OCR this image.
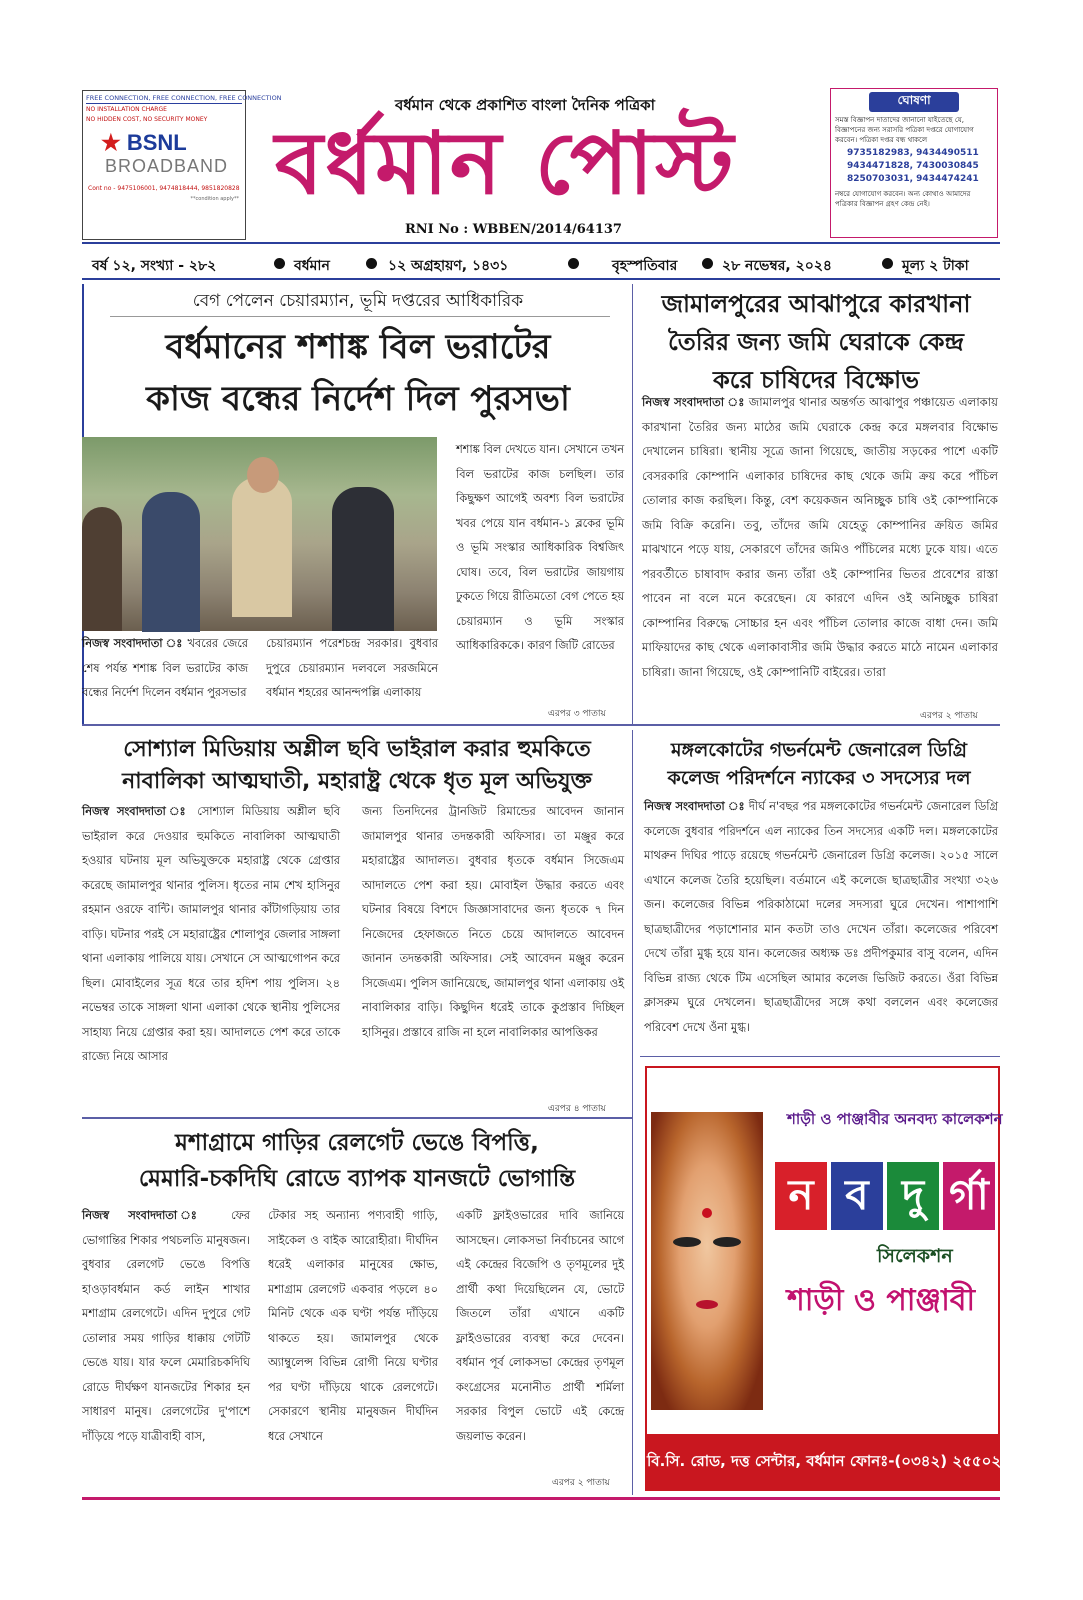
FREE CONNECTION, FREE CONNECTION, FREE CONNECTION
NO INSTALLATION CHARGE
NO HIDDEN COST, NO SECURITY MONEY
★ BSNL
BROADBAND
Cont no - 9475106001, 9474818444, 9851820828
**condition apply**
বর্ধমান থেকে প্রকাশিত বাংলা দৈনিক পত্রিকা
বর্ধমান পোস্ট
RNI No : WBBEN/2014/64137
ঘোষণা
সমস্ত বিজ্ঞাপন দাতাদের জানানো যাইতেছে যে, বিজ্ঞাপনের জন্য সরাসরি পত্রিকা দপ্তরে যোগাযোগ করবেন। পত্রিকা দপ্তর বন্ধ থাকলে
9735182983, 9434490511
9434471828, 7430030845
8250703031, 9434474241
নম্বরে যোগাযোগ করবেন। অন্য কোথাও আমাদের পত্রিকার বিজ্ঞাপন গ্রহণ কেন্দ্র নেই।
বর্ষ ১২, সংখ্যা - ২৮২	বর্ধমান	১২ অগ্রহায়ণ, ১৪৩১	বৃহস্পতিবার	২৮ নভেম্বর, ২০২৪	মূল্য ২ টাকা
বেগ পেলেন চেয়ারম্যান, ভূমি দপ্তরের আধিকারিক
বর্ধমানের শশাঙ্ক বিল ভরাটের
কাজ বন্ধের নির্দেশ দিল পুরসভা
শশাঙ্ক বিল দেখতে যান। সেখানে তখন বিল ভরাটের কাজ চলছিল। তার কিছুক্ষণ আগেই অবশ্য বিল ভরাটের খবর পেয়ে যান বর্ধমান-১ ব্লকের ভূমি ও ভূমি সংস্কার আধিকারিক বিশ্বজিৎ ঘোষ। তবে, বিল ভরাটের জায়গায় ঢুকতে গিয়ে রীতিমতো বেগ পেতে হয় চেয়ারম্যান ও ভূমি সংস্কার আধিকারিককে। কারণ জিটি রোডের
নিজস্ব সংবাদদাতা ঃ খবরের জেরে শেষ পর্যন্ত শশাঙ্ক বিল ভরাটের কাজ বন্ধের নির্দেশ দিলেন বর্ধমান পুরসভার
চেয়ারম্যান পরেশচন্দ্র সরকার। বুধবার দুপুরে চেয়ারম্যান দলবলে সরজমিনে বর্ধমান শহরের আনন্দপল্লি এলাকায়
এরপর ৩ পাতায়
জামালপুরের আঝাপুরে কারখানা
তৈরির জন্য জমি ঘেরাকে কেন্দ্র
করে চাষিদের বিক্ষোভ
নিজস্ব সংবাদদাতা ঃ জামালপুর থানার অন্তর্গত আঝাপুর পঞ্চায়েত এলাকায় কারখানা তৈরির জন্য মাঠের জমি ঘেরাকে কেন্দ্র করে মঙ্গলবার বিক্ষোভ দেখালেন চাষিরা। স্থানীয় সূত্রে জানা গিয়েছে, জাতীয় সড়কের পাশে একটি বেসরকারি কোম্পানি এলাকার চাষিদের কাছ থেকে জমি ক্রয় করে পাঁচিল তোলার কাজ করছিল। কিন্তু, বেশ কয়েকজন অনিচ্ছুক চাষি ওই কোম্পানিকে জমি বিক্রি করেনি। তবু, তাঁদের জমি যেহেতু কোম্পানির ক্রয়িত জমির মাঝখানে পড়ে যায়, সেকারণে তাঁদের জমিও পাঁচিলের মধ্যে ঢুকে যায়। এতে পরবর্তীতে চাষাবাদ করার জন্য তাঁরা ওই কোম্পানির ভিতর প্রবেশের রাস্তা পাবেন না বলে মনে করেছেন। যে কারণে এদিন ওই অনিচ্ছুক চাষিরা কোম্পানির বিরুদ্ধে সোচ্চার হন এবং পাঁচিল তোলার কাজে বাধা দেন। জমি মাফিয়াদের কাছ থেকে এলাকাবাসীর জমি উদ্ধার করতে মাঠে নামেন এলাকার চাষিরা। জানা গিয়েছে, ওই কোম্পানিটি বাইরের। তারা
এরপর ২ পাতায়
সোশ্যাল মিডিয়ায় অশ্লীল ছবি ভাইরাল করার হুমকিতে
নাবালিকা আত্মঘাতী, মহারাষ্ট্র থেকে ধৃত মূল অভিযুক্ত
নিজস্ব সংবাদদাতা ঃ সোশ্যাল মিডিয়ায় অশ্লীল ছবি ভাইরাল করে দেওয়ার হুমকিতে নাবালিকা আত্মঘাতী হওয়ার ঘটনায় মূল অভিযুক্তকে মহারাষ্ট্র থেকে গ্রেপ্তার করেছে জামালপুর থানার পুলিস। ধৃতের নাম শেখ হাসিনুর রহমান ওরফে বান্টি। জামালপুর থানার কাঁটাগড়িয়ায় তার বাড়ি। ঘটনার পরই সে মহারাষ্ট্রের শোলাপুর জেলার সাঙ্গলা থানা এলাকায় পালিয়ে যায়। সেখানে সে আত্মগোপন করে ছিল। মোবাইলের সূত্র ধরে তার হদিশ পায় পুলিস। ২৪ নভেম্বর তাকে সাঙ্গলা থানা এলাকা থেকে স্থানীয় পুলিসের সাহায্য নিয়ে গ্রেপ্তার করা হয়। আদালতে পেশ করে তাকে রাজ্যে নিয়ে আসার
জন্য তিনদিনের ট্রানজিট রিমান্ডের আবেদন জানান জামালপুর থানার তদন্তকারী অফিসার। তা মঞ্জুর করে মহারাষ্ট্রের আদালত। বুধবার ধৃতকে বর্ধমান সিজেএম আদালতে পেশ করা হয়। মোবাইল উদ্ধার করতে এবং ঘটনার বিষয়ে বিশদে জিজ্ঞাসাবাদের জন্য ধৃতকে ৭ দিন নিজেদের হেফাজতে নিতে চেয়ে আদালতে আবেদন জানান তদন্তকারী অফিসার। সেই আবেদন মঞ্জুর করেন সিজেএম। পুলিস জানিয়েছে, জামালপুর থানা এলাকায় ওই নাবালিকার বাড়ি। কিছুদিন ধরেই তাকে কুপ্রস্তাব দিচ্ছিল হাসিনুর। প্রস্তাবে রাজি না হলে নাবালিকার আপত্তিকর
এরপর ৪ পাতায়
মঙ্গলকোটের গভর্নমেন্ট জেনারেল ডিগ্রি
কলেজ পরিদর্শনে ন্যাকের ৩ সদস্যের দল
নিজস্ব সংবাদদাতা ঃ দীর্ঘ ন'বছর পর মঙ্গলকোটের গভর্নমেন্ট জেনারেল ডিগ্রি কলেজে বুধবার পরিদর্শনে এল ন্যাকের তিন সদস্যের একটি দল। মঙ্গলকোটের মাথরুন দিঘির পাড়ে রয়েছে গভর্নমেন্ট জেনারেল ডিগ্রি কলেজ। ২০১৫ সালে এখানে কলেজ তৈরি হয়েছিল। বর্তমানে এই কলেজে ছাত্রছাত্রীর সংখ্যা ৩২৬ জন। কলেজের বিভিন্ন পরিকাঠামো দলের সদস্যরা ঘুরে দেখেন। পাশাপাশি ছাত্রছাত্রীদের পড়াশোনার মান কতটা তাও দেখেন তাঁরা। কলেজের পরিবেশ দেখে তাঁরা মুগ্ধ হয়ে যান। কলেজের অধ্যক্ষ ডঃ প্রদীপকুমার বাসু বলেন, এদিন বিভিন্ন রাজ্য থেকে টিম এসেছিল আমার কলেজ ভিজিট করতে। ওঁরা বিভিন্ন ক্লাসরুম ঘুরে দেখলেন। ছাত্রছাত্রীদের সঙ্গে কথা বললেন এবং কলেজের পরিবেশ দেখে ওঁনা মুগ্ধ।
শাড়ী ও পাঞ্জাবীর অনবদ্য কালেকশন
ন ব দু র্গা
সিলেকশন
শাড়ী ও পাঞ্জাবী
বি.সি. রোড, দত্ত সেন্টার, বর্ধমান ফোনঃ-(০৩৪২) ২৫৫০২২৮
মশাগ্রামে গাড়ির রেলগেট ভেঙে বিপত্তি,
মেমারি-চকদিঘি রোডে ব্যাপক যানজটে ভোগান্তি
নিজস্ব সংবাদদাতা ঃ ফের ভোগান্তির শিকার পথচলতি মানুষজন। বুধবার রেলগেট ভেঙে বিপত্তি হাওড়াবর্ধমান কর্ড লাইন শাখার মশাগ্রাম রেলগেটে। এদিন দুপুরে গেট তোলার সময় গাড়ির ধাক্কায় গেটটি ভেঙে যায়। যার ফলে মেমারিচকদিঘি রোডে দীর্ঘক্ষণ যানজটের শিকার হন সাধারণ মানুষ। রেলগেটের দু'পাশে দাঁড়িয়ে পড়ে যাত্রীবাহী বাস,
টেকার সহ অন্যান্য পণ্যবাহী গাড়ি, সাইকেল ও বাইক আরোহীরা। দীর্ঘদিন ধরেই এলাকার মানুষের ক্ষোভ, মশাগ্রাম রেলগেট একবার পড়লে ৪০ মিনিট থেকে এক ঘণ্টা পর্যন্ত দাঁড়িয়ে থাকতে হয়। জামালপুর থেকে অ্যাম্বুলেন্স বিভিন্ন রোগী নিয়ে ঘণ্টার পর ঘণ্টা দাঁড়িয়ে থাকে রেলগেটে। সেকারণে স্থানীয় মানুষজন দীর্ঘদিন ধরে সেখানে
একটি ফ্লাইওভারের দাবি জানিয়ে আসছেন। লোকসভা নির্বাচনের আগে এই কেন্দ্রের বিজেপি ও তৃণমূলের দুই প্রার্থী কথা দিয়েছিলেন যে, ভোটে জিতলে তাঁরা এখানে একটি ফ্লাইওভারের ব্যবস্থা করে দেবেন। বর্ধমান পূর্ব লোকসভা কেন্দ্রের তৃণমূল কংগ্রেসের মনোনীত প্রার্থী শর্মিলা সরকার বিপুল ভোটে এই কেন্দ্রে জয়লাভ করেন।
এরপর ২ পাতায়
